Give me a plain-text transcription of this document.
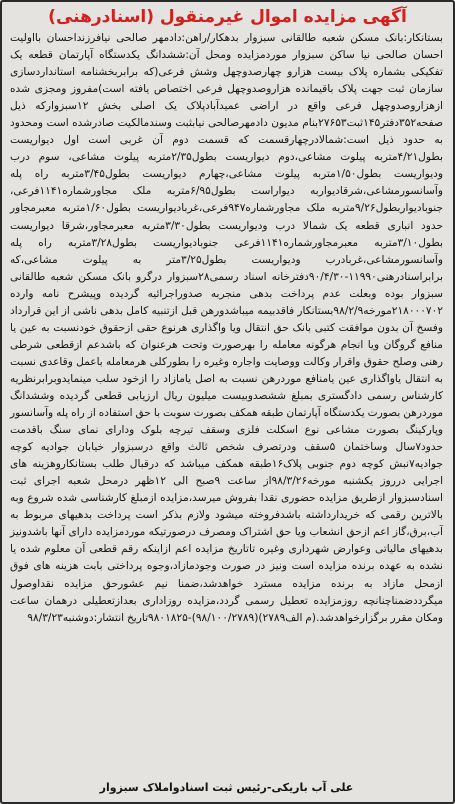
آگهی مزایده اموال غیرمنقول (اسنادرهنی)
بستانکار:بانک مسکن شعبه طالقانی سبزوار بدهکار/راهن:دادمهر صالحی نیافرزنداحسان بااولیت احسان صالحی نیا ساکن سبزوار موردمزایده ومحل آن:ششدانگ یکدستگاه آپارتمان قطعه یک تفکیکی بشماره پلاک بیست هزارو چهارصدوچهل وشش فرعی(که برابربخشنامه استانداردسازی سازمان ثبت جهت پلاک باقیمانده هزاروصدوچهل فرعی اختصاص یافته است)مفروز ومجزی شده ازهزاروصدوچهل فرعی واقع در اراضی عمیدآبادپلاک یک اصلی بخش ۱۲سبزوارکه ذیل صفحه۳۵۲دفتر۱۴۵ثبت۲۷۶۵۳بنام مدیون دادمهرصالحی نیابثبت وسندمالکیت صادرشده است ومحدود به حدود ذیل است:شمالادرچهارقسمت که قسمت دوم آن غربی است اول دیواریست بطول۴/۲۱متربه پیلوت مشاعی،دوم دیواریست بطول۲/۳۵متربه پیلوت مشاعی، سوم درب ودیواریست بطول۱/۵۰متربه پیلوت مشاعی،چهارم دیواریست بطول۳/۴۵متربه راه پله وآسانسورمشاعی،شرقادیواربه دیواراست بطول۶/۹۵متربه ملک مجاورشماره۱۱۴۱فرعی، جنوبادیواربطول۹/۲۶متربه ملک مجاورشماره۹۴۷فرعی،غربادیواریست بطول۱/۶۰متربه معبرمجاور حدود انباری قطعه یک شمالا درب ودیواریست بطول۳/۳۰متربه معبرمجاور،شرقا دیواریست بطول۳/۱۰متربه معبرمجاورشماره۱۱۴۱فرعی جنوبادیواریست بطول۳/۲۸متربه راه پله وآسانسورمشاعی،غربادرب ودیواریست بطول۳/۲۵متر به پیلوت مشاعی،که برابراسنادرهنی۱۱۹۹۰-۹۰/۴/۳۰دفترخانه اسناد رسمی۲۸سبزوار درگرو بانک مسکن شعبه طالقانی سبزوار بوده وبعلت عدم پرداخت بدهی منجربه صدوراجرائیه گردیده وپیشرح نامه وارده ۲۱۸۰۰۰۷۰۲مورخه۹۸/۲/۹بستانکار فاقدبیمه میباشدورهن قبل ازتنبیه کامل بدهی ناشی از این قرارداد وفسخ آن بدون موافقت کتبی بانک حق انتقال ویا واگذاری هرنوع حقی ازحقوق خودنسبت به عین یا منافع گروگان ویا انجام هرگونه معامله را بهرصورت وتحت هرعنوان که باشدعم ازقطعی شرطی رهنی وصلح حقوق واقرار وکالت ووصایت واجاره وغیره را بطورکلی هرمعامله باعمل وقاعدی نسبت به انتقال یاواگذاری عین یامنافع موردرهن نسبت به اصل یامازاد را ازخود سلب مینمایدوبرابرنظریه کارشناس رسمی دادگستری بمبلغ ششصدوبیست میلیون ریال ارزیابی قطعی گردیده وششدانگ موردرهن بصورت یکدستگاه آپارتمان طبقه همکف بصورت سوبت با حق استفاده از راه پله وآسانسور وپارکینگ بصورت مشاعی نوع اسکلت فلزی وسقف تیرچه بلوک ودارای نمای سنگ باقدمت حدود۷سال وساختمان ۵سقف ودرتصرف شخص ثالث واقع درسبزوار خیابان جوادیه کوچه جوادیه۷نبش کوچه دوم جنوبی پلاک۱۶طبقه همکف میباشد که درقبال طلب بستانکاروهزینه های اجرایی درروز یکشنبه مورخه۹۸/۳/۲۶از ساعت ۹صبح الی ۱۲ظهر درمحل شعبه اجرای ثبت اسنادسبزوار ازطریق مزایده حضوری نقدا بفروش میرسد،مزایده ازمبلغ کارشناسی شده شروع وبه بالاترین رقمی که خریدارداشته باشدفروخته میشود ولازم بذکر است پرداخت بدهیهای مربوط به آب،برق،گاز اعم ازحق انشعاب ویا حق اشتراک ومصرف درصورتیکه موردمزایده دارای آنها باشدونیز بدهیهای مالیاتی وعوارض شهرداری وغیره تاتاریخ مزایده اعم ازاینکه رقم قطعی آن معلوم شده یا نشده به عهده برنده مزایده است ونیز در صورت وجودمازاد،وجوه پرداختی بابت هزینه های فوق ازمحل مازاد به برنده مزایده مسترد خواهدشد،ضمنا نیم عشورحق مزایده نقداوصول میگرددضمناچنانچه روزمزایده تعطیل رسمی گردد،مزایده روزاداری بعدازتعطیلی درهمان ساعت ومکان مقرر برگزارخواهدشد.(م الف۲۷۸۹)(۹۸/۱۰۰/۲۷۸۹)-۹۸۰۱۸۲۵تاریخ انتشار:دوشنبه۹۸/۳/۲۳
علی آب باریکی-رئیس ثبت اسنادواملاک سبزوار
